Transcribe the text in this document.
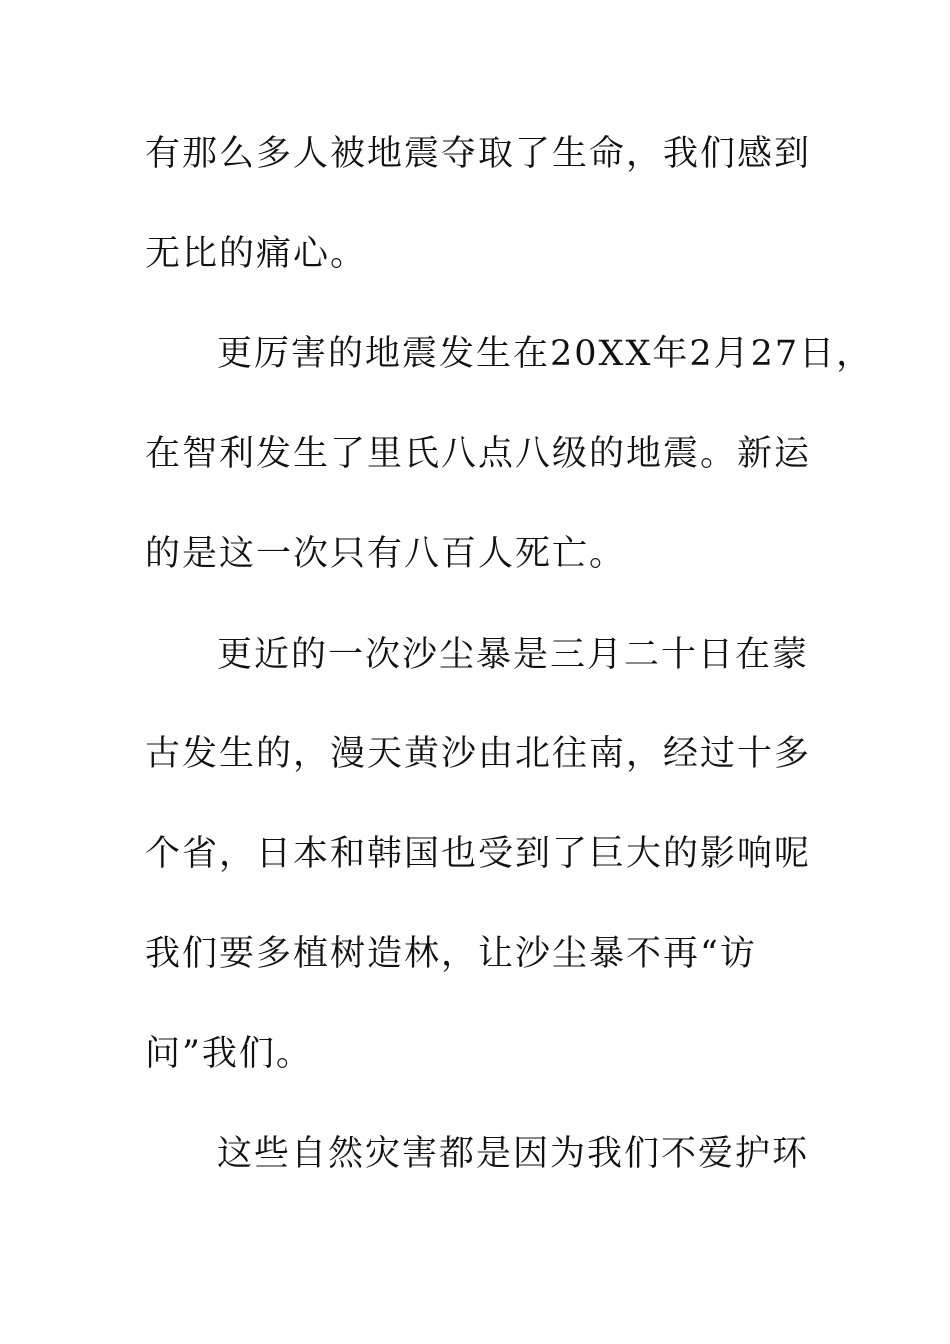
有那么多人被地震夺取了生命，我们感到
无比的痛心。
更厉害的地震发生在20XX年2月27日，
在智利发生了里氏八点八级的地震。新运
的是这一次只有八百人死亡。
更近的一次沙尘暴是三月二十日在蒙
古发生的，漫天黄沙由北往南，经过十多
个省，日本和韩国也受到了巨大的影响呢
我们要多植树造林，让沙尘暴不再“访
问”我们。
这些自然灾害都是因为我们不爱护环
